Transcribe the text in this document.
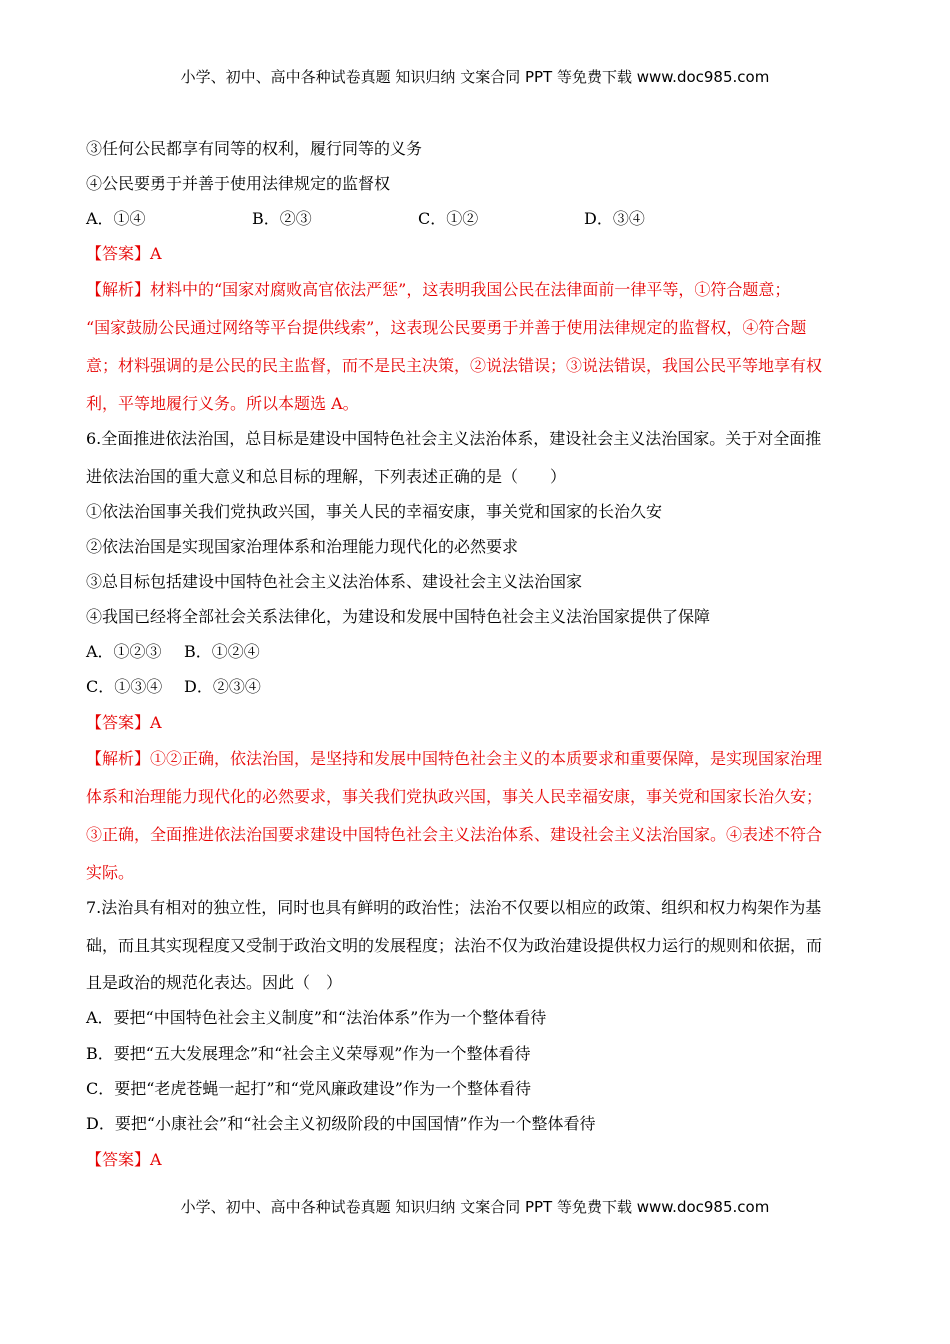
小学、初中、高中各种试卷真题 知识归纳 文案合同 PPT 等免费下载 www.doc985.com
③任何公民都享有同等的权利，履行同等的义务
④公民要勇于并善于使用法律规定的监督权
A．①④	B．②③	C．①②	D．③④
【答案】A
【解析】材料中的“国家对腐败高官依法严惩”，这表明我国公民在法律面前一律平等，①符合题意；
“国家鼓励公民通过网络等平台提供线索”，这表现公民要勇于并善于使用法律规定的监督权，④符合题
意；材料强调的是公民的民主监督，而不是民主决策，②说法错误；③说法错误，我国公民平等地享有权
利，平等地履行义务。所以本题选 A。
6.全面推进依法治国，总目标是建设中国特色社会主义法治体系，建设社会主义法治国家。关于对全面推
进依法治国的重大意义和总目标的理解，下列表述正确的是（　　）
①依法治国事关我们党执政兴国，事关人民的幸福安康，事关党和国家的长治久安
②依法治国是实现国家治理体系和治理能力现代化的必然要求
③总目标包括建设中国特色社会主义法治体系、建设社会主义法治国家
④我国已经将全部社会关系法律化，为建设和发展中国特色社会主义法治国家提供了保障
A．①②③ B．①②④
C．①③④ D．②③④
【答案】A
【解析】①②正确，依法治国，是坚持和发展中国特色社会主义的本质要求和重要保障，是实现国家治理
体系和治理能力现代化的必然要求，事关我们党执政兴国，事关人民幸福安康，事关党和国家长治久安；
③正确，全面推进依法治国要求建设中国特色社会主义法治体系、建设社会主义法治国家。④表述不符合
实际。
7.法治具有相对的独立性，同时也具有鲜明的政治性；法治不仅要以相应的政策、组织和权力构架作为基
础，而且其实现程度又受制于政治文明的发展程度；法治不仅为政治建设提供权力运行的规则和依据，而
且是政治的规范化表达。因此（　）
A．要把“中国特色社会主义制度”和“法治体系”作为一个整体看待
B．要把“五大发展理念”和“社会主义荣辱观”作为一个整体看待
C．要把“老虎苍蝇一起打”和“党风廉政建设”作为一个整体看待
D．要把“小康社会”和“社会主义初级阶段的中国国情”作为一个整体看待
【答案】A
小学、初中、高中各种试卷真题 知识归纳 文案合同 PPT 等免费下载 www.doc985.com
